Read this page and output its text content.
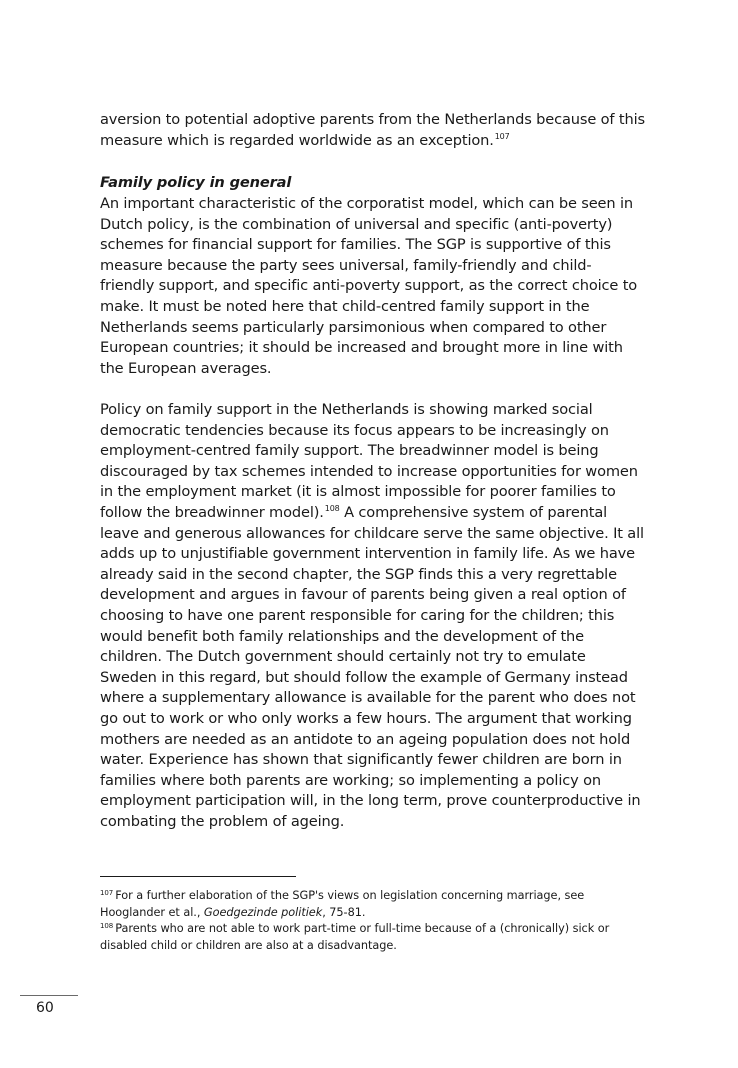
aversion to potential adoptive parents from the Netherlands because of this measure which is regarded worldwide as an exception.$^{107}$

Family policy in general

An important characteristic of the corporatist model, which can be seen in Dutch policy, is the combination of universal and specific (anti-poverty) schemes for financial support for families. The SGP is supportive of this measure because the party sees universal, family-friendly and child-friendly support, and specific anti-poverty support, as the correct choice to make. It must be noted here that child-centred family support in the Netherlands seems particularly parsimonious when compared to other European countries; it should be increased and brought more in line with the European averages.

Policy on family support in the Netherlands is showing marked social democratic tendencies because its focus appears to be increasingly on employment-centred family support. The breadwinner model is being discouraged by tax schemes intended to increase opportunities for women in the employment market (it is almost impossible for poorer families to follow the breadwinner model).$^{108}$ A comprehensive system of parental leave and generous allowances for childcare serve the same objective. It all adds up to unjustifiable government intervention in family life. As we have already said in the second chapter, the SGP finds this a very regrettable development and argues in favour of parents being given a real option of choosing to have one parent responsible for caring for the children; this would benefit both family relationships and the development of the children. The Dutch government should certainly not try to emulate Sweden in this regard, but should follow the example of Germany instead where a supplementary allowance is available for the parent who does not go out to work or who only works a few hours. The argument that working mothers are needed as an antidote to an ageing population does not hold water. Experience has shown that significantly fewer children are born in families where both parents are working; so implementing a policy on employment participation will, in the long term, prove counterproductive in combating the problem of ageing.

$^{107}$ For a further elaboration of the SGP's views on legislation concerning marriage, see Hooglander et al., Goedgezinde politiek, 75-81.

$^{108}$ Parents who are not able to work part-time or full-time because of a (chronically) sick or disabled child or children are also at a disadvantage.

60
